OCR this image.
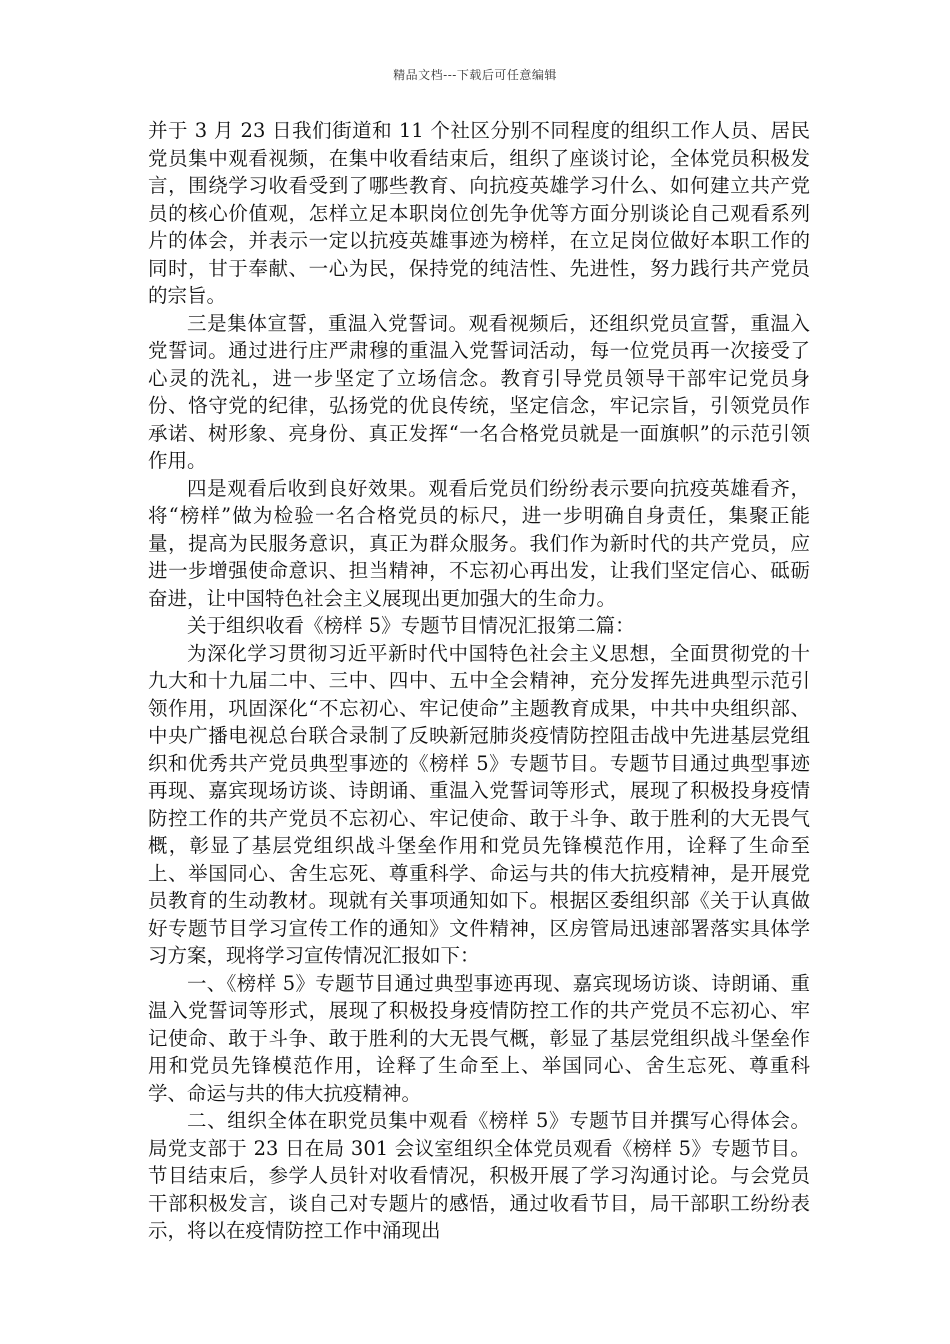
精品文档---下载后可任意编辑

并于 3 月 23 日我们街道和 11 个社区分别不同程度的组织工作人员、居民党员集中观看视频，在集中收看结束后，组织了座谈讨论，全体党员积极发言，围绕学习收看受到了哪些教育、向抗疫英雄学习什么、如何建立共产党员的核心价值观，怎样立足本职岗位创先争优等方面分别谈论自己观看系列片的体会，并表示一定以抗疫英雄事迹为榜样，在立足岗位做好本职工作的同时，甘于奉献、一心为民，保持党的纯洁性、先进性，努力践行共产党员的宗旨。

三是集体宣誓，重温入党誓词。观看视频后，还组织党员宣誓，重温入党誓词。通过进行庄严肃穆的重温入党誓词活动，每一位党员再一次接受了心灵的洗礼，进一步坚定了立场信念。教育引导党员领导干部牢记党员身份、恪守党的纪律，弘扬党的优良传统，坚定信念，牢记宗旨，引领党员作承诺、树形象、亮身份、真正发挥“一名合格党员就是一面旗帜”的示范引领作用。

四是观看后收到良好效果。观看后党员们纷纷表示要向抗疫英雄看齐，将“榜样”做为检验一名合格党员的标尺，进一步明确自身责任，集聚正能量，提高为民服务意识，真正为群众服务。我们作为新时代的共产党员，应进一步增强使命意识、担当精神，不忘初心再出发，让我们坚定信心、砥砺奋进，让中国特色社会主义展现出更加强大的生命力。

关于组织收看《榜样 5》专题节目情况汇报第二篇：

为深化学习贯彻习近平新时代中国特色社会主义思想，全面贯彻党的十九大和十九届二中、三中、四中、五中全会精神，充分发挥先进典型示范引领作用，巩固深化“不忘初心、牢记使命”主题教育成果，中共中央组织部、中央广播电视总台联合录制了反映新冠肺炎疫情防控阻击战中先进基层党组织和优秀共产党员典型事迹的《榜样 5》专题节目。专题节目通过典型事迹再现、嘉宾现场访谈、诗朗诵、重温入党誓词等形式，展现了积极投身疫情防控工作的共产党员不忘初心、牢记使命、敢于斗争、敢于胜利的大无畏气概，彰显了基层党组织战斗堡垒作用和党员先锋模范作用，诠释了生命至上、举国同心、舍生忘死、尊重科学、命运与共的伟大抗疫精神，是开展党员教育的生动教材。现就有关事项通知如下。根据区委组织部《关于认真做好专题节目学习宣传工作的通知》文件精神，区房管局迅速部署落实具体学习方案，现将学习宣传情况汇报如下：

一、《榜样 5》专题节目通过典型事迹再现、嘉宾现场访谈、诗朗诵、重温入党誓词等形式，展现了积极投身疫情防控工作的共产党员不忘初心、牢记使命、敢于斗争、敢于胜利的大无畏气概，彰显了基层党组织战斗堡垒作用和党员先锋模范作用，诠释了生命至上、举国同心、舍生忘死、尊重科学、命运与共的伟大抗疫精神。

二、组织全体在职党员集中观看《榜样 5》专题节目并撰写心得体会。局党支部于 23 日在局 301 会议室组织全体党员观看《榜样 5》专题节目。节目结束后，参学人员针对收看情况，积极开展了学习沟通讨论。与会党员干部积极发言，谈自己对专题片的感悟，通过收看节目，局干部职工纷纷表示，将以在疫情防控工作中涌现出
